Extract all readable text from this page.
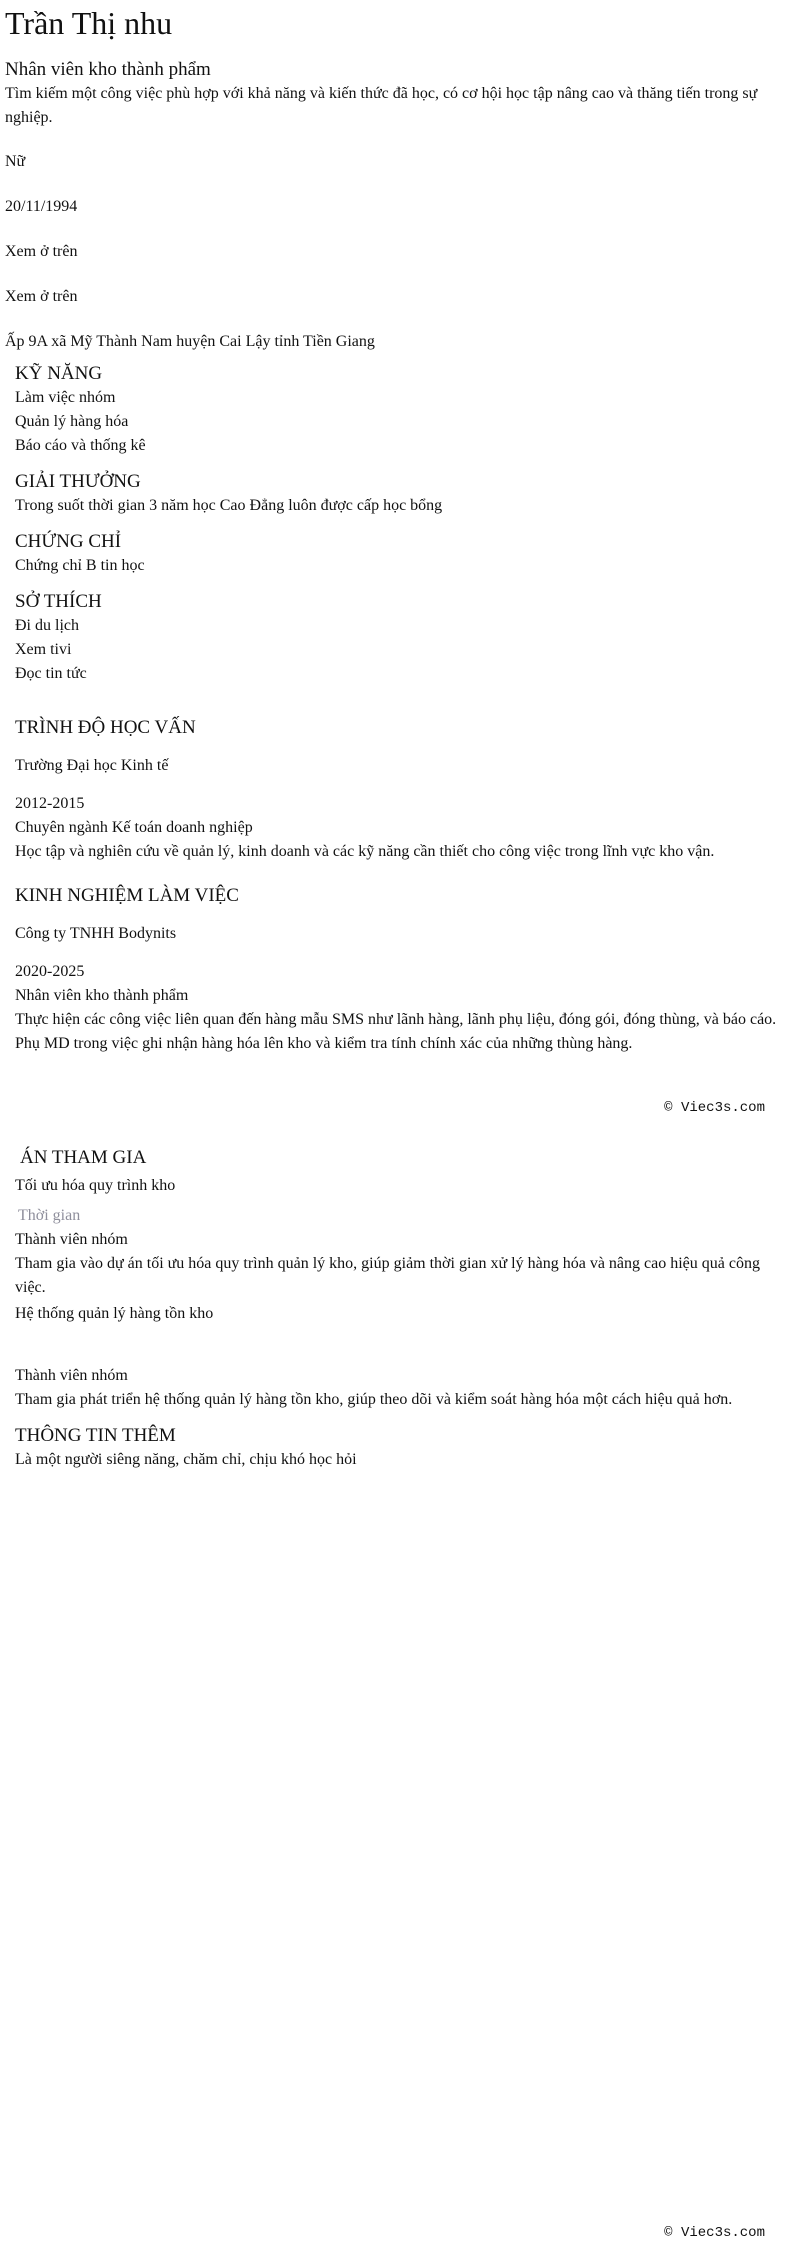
Trần Thị nhu
Nhân viên kho thành phẩm
Tìm kiếm một công việc phù hợp với khả năng và kiến thức đã học, có cơ hội học tập nâng cao và thăng tiến trong sự nghiệp.
Nữ
20/11/1994
Xem ở trên
Xem ở trên
Ấp 9A xã Mỹ Thành Nam huyện Cai Lậy tỉnh Tiền Giang
KỸ NĂNG
Làm việc nhóm
Quản lý hàng hóa
Báo cáo và thống kê
GIẢI THƯỞNG
Trong suốt thời gian 3 năm học Cao Đẳng luôn được cấp học bổng
CHỨNG CHỈ
Chứng chỉ B tin học
SỞ THÍCH
Đi du lịch
Xem tivi
Đọc tin tức
TRÌNH ĐỘ HỌC VẤN
Trường Đại học Kinh tế
2012-2015
Chuyên ngành Kế toán doanh nghiệp
Học tập và nghiên cứu về quản lý, kinh doanh và các kỹ năng cần thiết cho công việc trong lĩnh vực kho vận.
KINH NGHIỆM LÀM VIỆC
Công ty TNHH Bodynits
2020-2025
Nhân viên kho thành phẩm
Thực hiện các công việc liên quan đến hàng mẫu SMS như lãnh hàng, lãnh phụ liệu, đóng gói, đóng thùng, và báo cáo. Phụ MD trong việc ghi nhận hàng hóa lên kho và kiểm tra tính chính xác của những thùng hàng.
ÁN THAM GIA
Tối ưu hóa quy trình kho
Thời gian
Thành viên nhóm
Tham gia vào dự án tối ưu hóa quy trình quản lý kho, giúp giảm thời gian xử lý hàng hóa và nâng cao hiệu quả công việc.
Hệ thống quản lý hàng tồn kho
Thành viên nhóm
Tham gia phát triển hệ thống quản lý hàng tồn kho, giúp theo dõi và kiểm soát hàng hóa một cách hiệu quả hơn.
THÔNG TIN THÊM
Là một người siêng năng, chăm chỉ, chịu khó học hỏi
© Viec3s.com
© Viec3s.com
